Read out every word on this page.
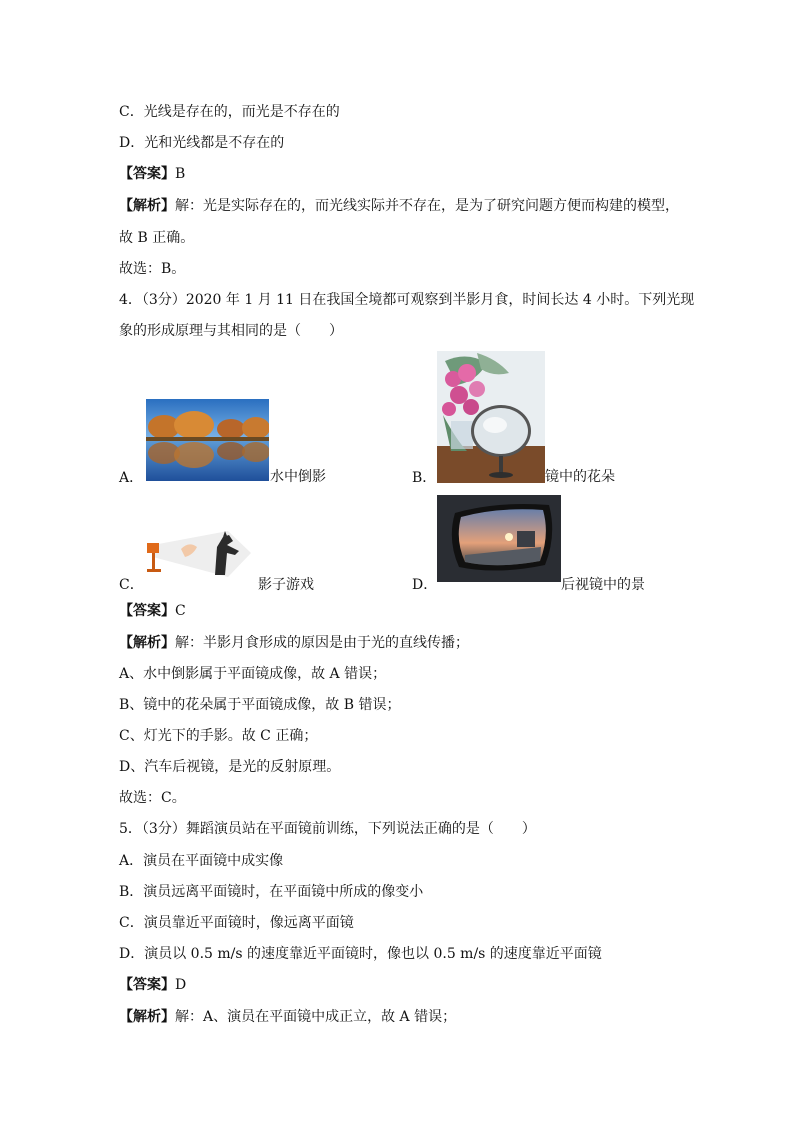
C．光线是存在的，而光是不存在的
D．光和光线都是不存在的
【答案】B
【解析】解：光是实际存在的，而光线实际并不存在，是为了研究问题方便而构建的模型，
故 B 正确。
故选：B。
4．（3分）2020 年 1 月 11 日在我国全境都可观察到半影月食，时间长达 4 小时。下列光现
象的形成原理与其相同的是（　　）
A．	水中倒影	B．	镜中的花朵
C．	影子游戏	D．	后视镜中的景
【答案】C
【解析】解：半影月食形成的原因是由于光的直线传播；
A、水中倒影属于平面镜成像，故 A 错误；
B、镜中的花朵属于平面镜成像，故 B 错误；
C、灯光下的手影。故 C 正确；
D、汽车后视镜，是光的反射原理。
故选：C。
5．（3分）舞蹈演员站在平面镜前训练，下列说法正确的是（　　）
A．演员在平面镜中成实像
B．演员远离平面镜时，在平面镜中所成的像变小
C．演员靠近平面镜时，像远离平面镜
D．演员以 0.5 m/s 的速度靠近平面镜时，像也以 0.5 m/s 的速度靠近平面镜
【答案】D
【解析】解：A、演员在平面镜中成正立，故 A 错误；
